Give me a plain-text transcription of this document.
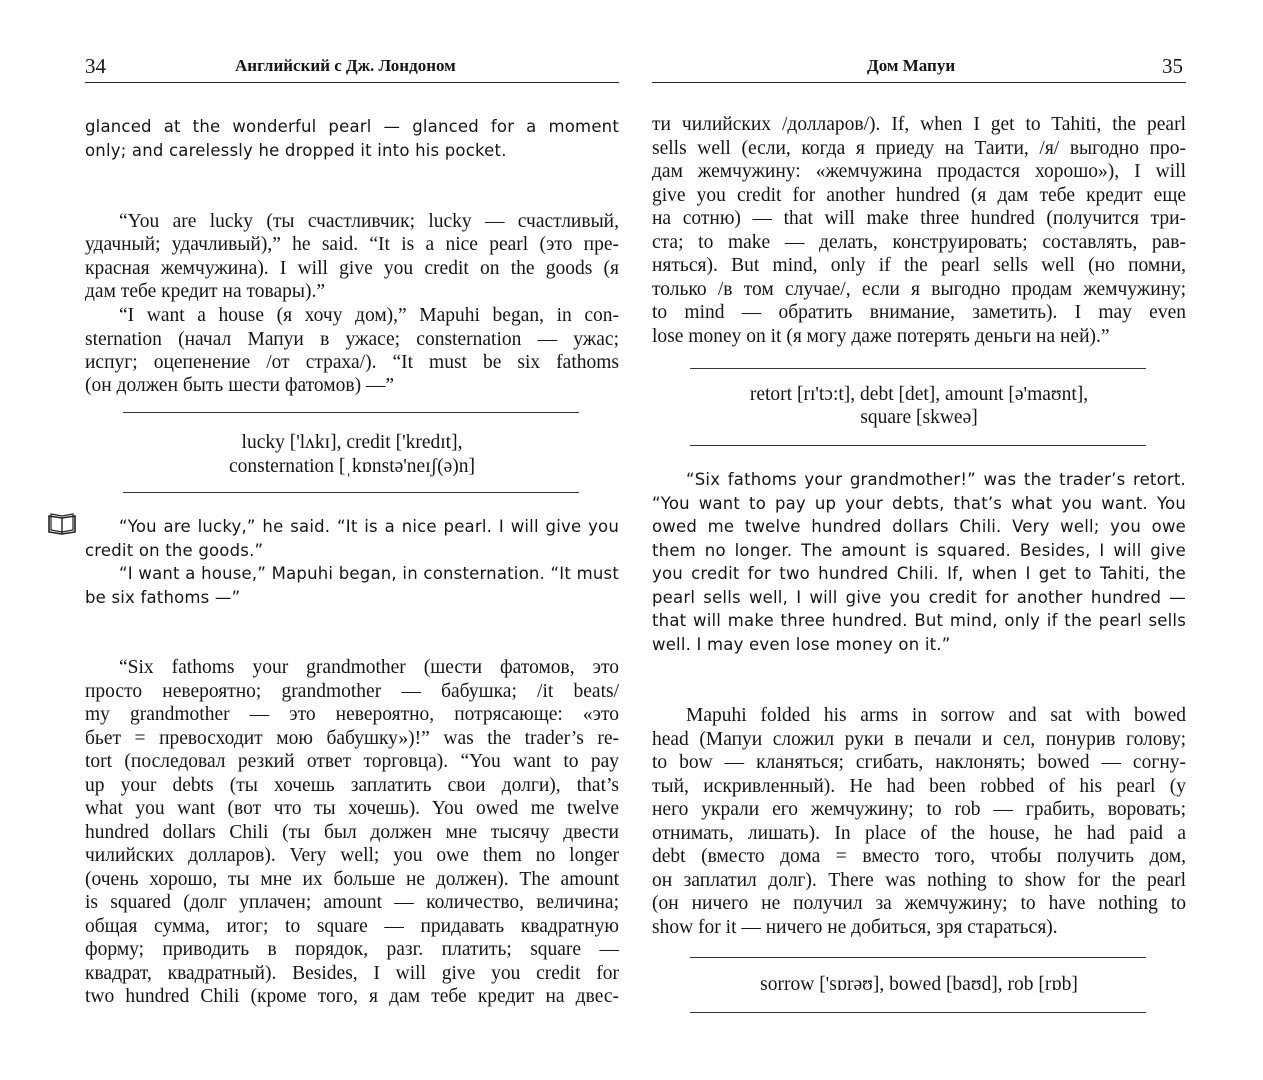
34	Английский с Дж. Лондоном
glanced at the wonderful pearl — glanced for a moment
only; and carelessly he dropped it into his pocket.
“You are lucky (ты счастливчик; lucky — счастливый,
удачный; удачливый),” he said. “It is a nice pearl (это пре-
красная жемчужина). I will give you credit on the goods (я
дам тебе кредит на товары).”
“I want a house (я хочу дом),” Mapuhi began, in con-
sternation (начал Мапуи в ужасе; consternation — ужас;
испуг; оцепенение /от страха/). “It must be six fathoms
(он должен быть шести фатомов) —”
lucky ['lʌkɪ], credit ['kredɪt],
consternation [ˌkɒnstə'neɪʃ(ə)n]
“You are lucky,” he said. “It is a nice pearl. I will give you
credit on the goods.”
“I want a house,” Mapuhi began, in consternation. “It must
be six fathoms —”
“Six fathoms your grandmother (шести фатомов, это
просто невероятно; grandmother — бабушка; /it beats/
my grandmother — это невероятно, потрясающе: «это
бьет = превосходит мою бабушку»)!” was the trader’s re-
tort (последовал резкий ответ торговца). “You want to pay
up your debts (ты хочешь заплатить свои долги), that’s
what you want (вот что ты хочешь). You owed me twelve
hundred dollars Chili (ты был должен мне тысячу двести
чилийских долларов). Very well; you owe them no longer
(очень хорошо, ты мне их больше не должен). The amount
is squared (долг уплачен; amount — количество, величина;
общая сумма, итог; to square — придавать квадратную
форму; приводить в порядок, разг. платить; square —
квадрат, квадратный). Besides, I will give you credit for
two hundred Chili (кроме того, я дам тебе кредит на двес-
Дом Мапуи	35
ти чилийских /долларов/). If, when I get to Tahiti, the pearl
sells well (если, когда я приеду на Таити, /я/ выгодно про-
дам жемчужину: «жемчужина продастся хорошо»), I will
give you credit for another hundred (я дам тебе кредит еще
на сотню) — that will make three hundred (получится три-
ста; to make — делать, конструировать; составлять, рав-
няться). But mind, only if the pearl sells well (но помни,
только /в том случае/, если я выгодно продам жемчужину;
to mind — обратить внимание, заметить). I may even
lose money on it (я могу даже потерять деньги на ней).”
retort [rɪ'tɔ:t], debt [det], amount [ə'maʊnt],
square [skweə]
“Six fathoms your grandmother!” was the trader’s retort.
“You want to pay up your debts, that’s what you want. You
owed me twelve hundred dollars Chili. Very well; you owe
them no longer. The amount is squared. Besides, I will give
you credit for two hundred Chili. If, when I get to Tahiti, the
pearl sells well, I will give you credit for another hundred —
that will make three hundred. But mind, only if the pearl sells
well. I may even lose money on it.”
Mapuhi folded his arms in sorrow and sat with bowed
head (Мапуи сложил руки в печали и сел, понурив голову;
to bow — кланяться; сгибать, наклонять; bowed — согну-
тый, искривленный). He had been robbed of his pearl (у
него украли его жемчужину; to rob — грабить, воровать;
отнимать, лишать). In place of the house, he had paid a
debt (вместо дома = вместо того, чтобы получить дом,
он заплатил долг). There was nothing to show for the pearl
(он ничего не получил за жемчужину; to have nothing to
show for it — ничего не добиться, зря стараться).
sorrow ['sɒrəʊ], bowed [baʊd], rob [rɒb]
